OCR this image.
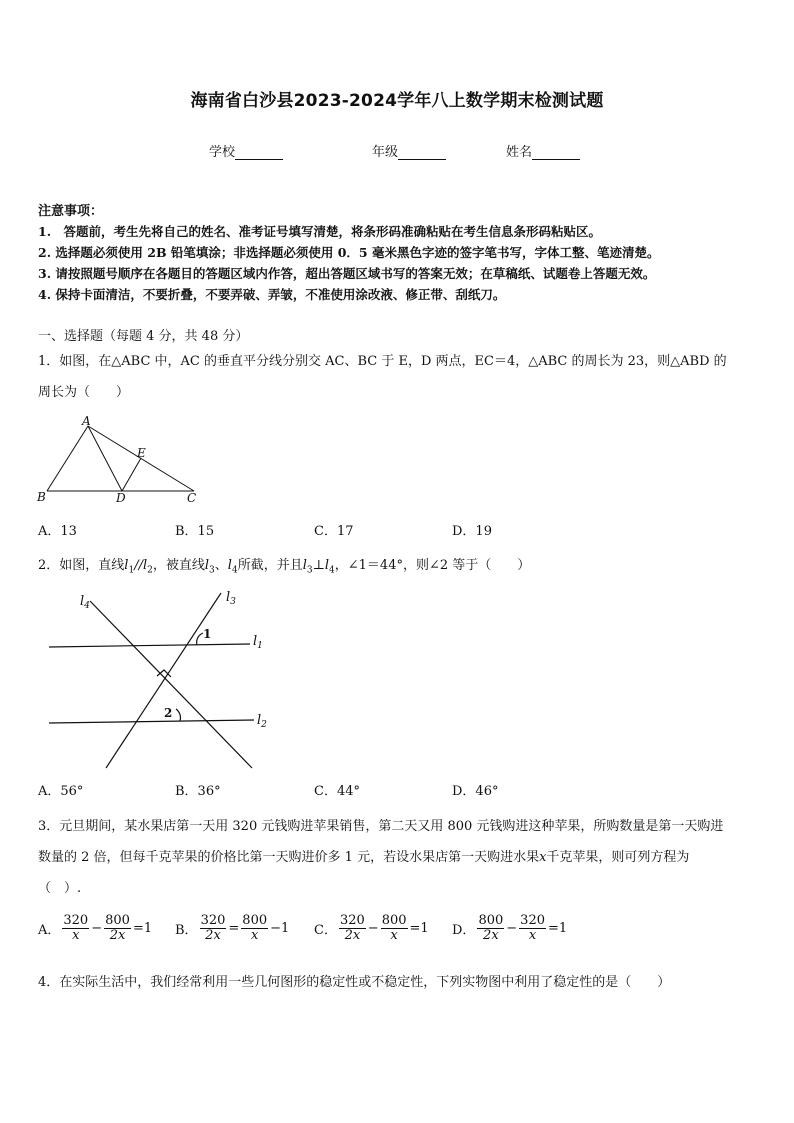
海南省白沙县2023-2024学年八上数学期末检测试题
学校	年级	姓名
注意事项：
1.　答题前，考生先将自己的姓名、准考证号填写清楚，将条形码准确粘贴在考生信息条形码粘贴区。
2. 选择题必须使用 2B 铅笔填涂；非选择题必须使用 0．5 毫米黑色字迹的签字笔书写，字体工整、笔迹清楚。
3. 请按照题号顺序在各题目的答题区域内作答，超出答题区域书写的答案无效；在草稿纸、试题卷上答题无效。
4. 保持卡面清洁，不要折叠，不要弄破、弄皱，不准使用涂改液、修正带、刮纸刀。
一、选择题（每题 4 分，共 48 分）
1．如图，在△ABC 中，AC 的垂直平分线分别交 AC、BC 于 E，D 两点，EC＝4，△ABC 的周长为 23，则△ABD 的
周长为（　　）
A
B	C
D
E
A．13	B．15	C．17	D．19
2．如图，直线$l_1//l_2$，被直线$l_3$、$l_4$所截，并且$l_3\perp l_4$，∠1＝44°，则∠2 等于（　　）
$l_4$
$l_3$
$l_1$
$l_2$
1
2
A．56°	B．36°	C．44°	D．46°
3．元旦期间，某水果店第一天用 320 元钱购进苹果销售，第二天又用 800 元钱购进这种苹果，所购数量是第一天购进
数量的 2 倍，但每千克苹果的价格比第一天购进价多 1 元，若设水果店第一天购进水果x千克苹果，则可列方程为
（　）.
A． $\frac{320}{x} - \frac{800}{2x} =1$ B． $\frac{320}{2x} = \frac{800}{x} -1$ C． $\frac{320}{2x} - \frac{800}{x} =1$ D． $\frac{800}{2x} - \frac{320}{x} =1$
4．在实际生活中，我们经常利用一些几何图形的稳定性或不稳定性，下列实物图中利用了稳定性的是（　　）
